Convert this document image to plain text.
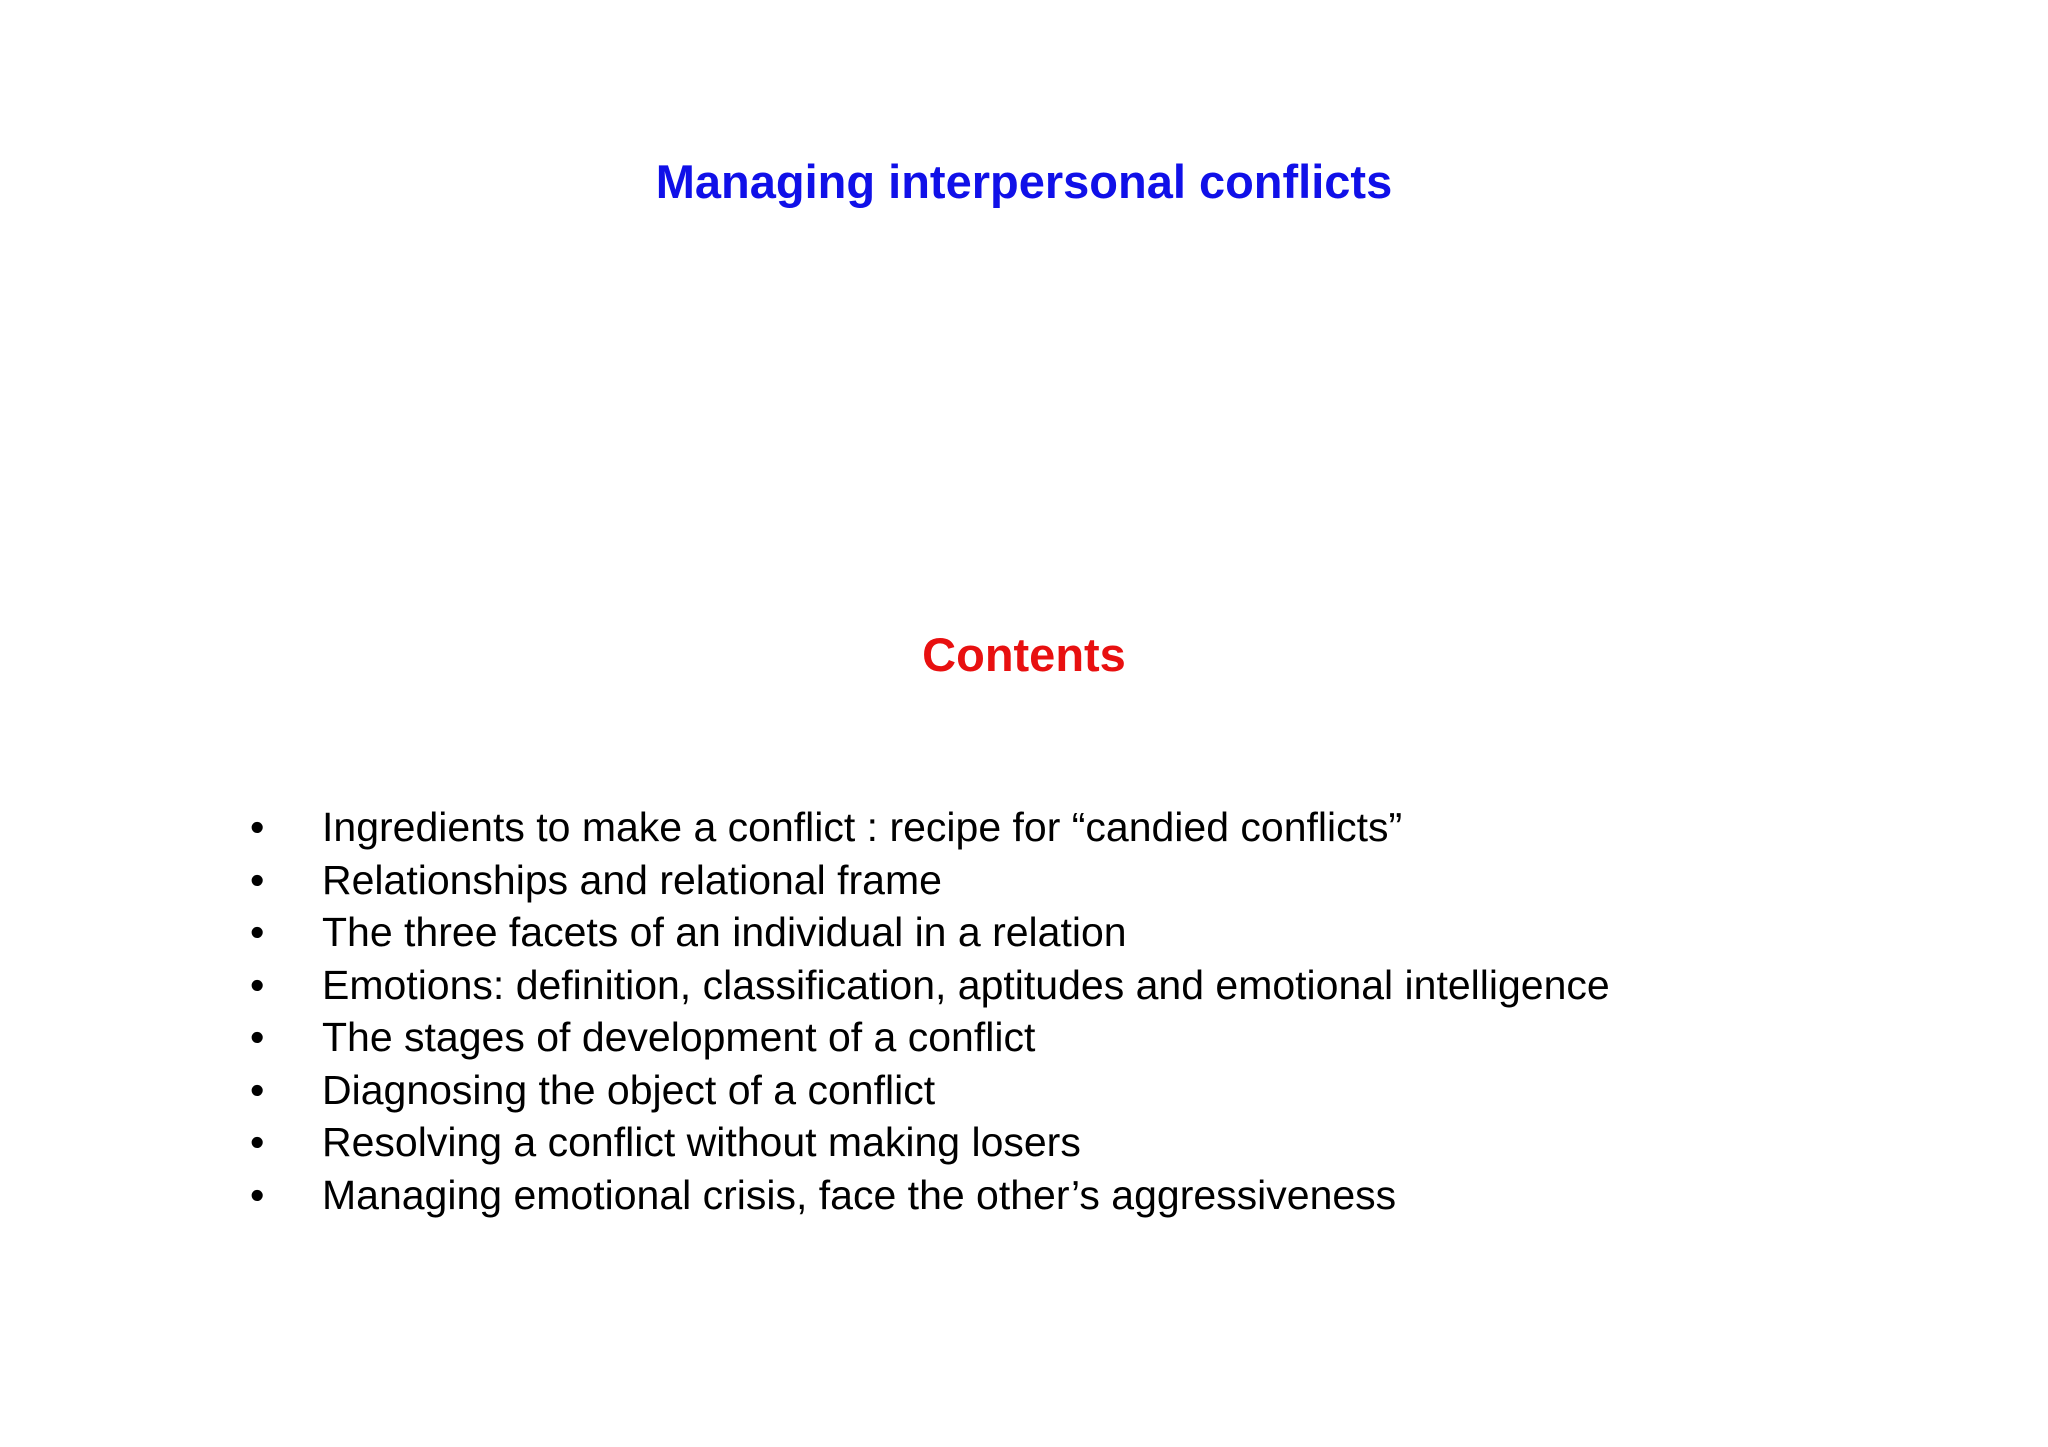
Managing interpersonal conflicts
Contents
•	Ingredients to make a conflict : recipe for “candied conflicts”
•	Relationships and relational frame
•	The three facets of an individual in a relation
•	Emotions: definition, classification, aptitudes and emotional intelligence
•	The stages of development of a conflict
•	Diagnosing the object of a conflict
•	Resolving a conflict without making losers
•	Managing emotional crisis, face the other’s aggressiveness
